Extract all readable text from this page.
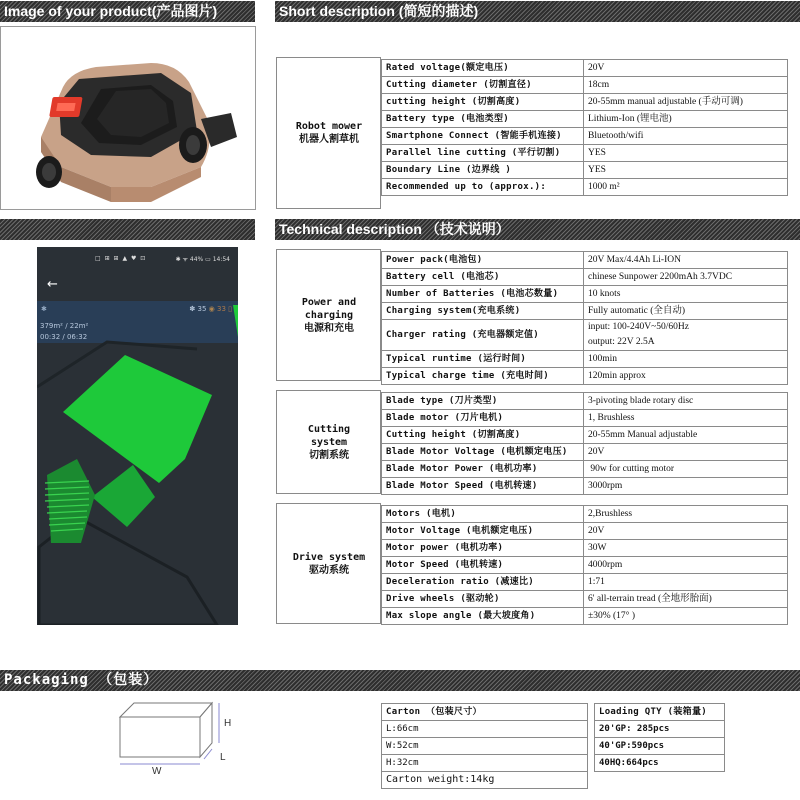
Image of your product(产品图片)	Short description (简短的描述)
Technical description （技术说明）
Packaging （包装）
□ ⊞ ⊞ ▲ ♥ ⊡	✱ ᯤ 44% ▭ 14:54
←
Robot mower
机器人割草机
Rated voltage(额定电压)	20V
Cutting diameter (切割直径)	18cm
cutting height (切割高度)	20-55mm manual adjustable (手动可调)
Battery type (电池类型)	Lithium-Ion (锂电池)
Smartphone Connect (智能手机连接)	Bluetooth/wifi
Parallel line cutting (平行切割)	YES
Boundary Line (边界线 )	YES
Recommended up to (approx.):	1000 m²
Power and
charging
电源和充电
Power pack(电池包)	20V Max/4.4Ah Li-ION
Battery cell (电池芯)	chinese Sunpower 2200mAh 3.7VDC
Number of Batteries (电池芯数量)	10 knots
Charging system(充电系统)	Fully automatic (全自动)
Charger rating (充电器额定值)	input: 100-240V~50/60Hz
output: 22V 2.5A

Typical runtime (运行时间)	100min
Typical charge time (充电时间)	120min approx
Cutting
system
切割系统
Blade type (刀片类型)	3-pivoting blade rotary disc
Blade motor (刀片电机)	1, Brushless
Cutting height (切割高度)	20-55mm Manual adjustable
Blade Motor Voltage (电机额定电压)	20V
Blade Motor Power (电机功率)	90w for cutting motor
Blade Motor Speed (电机转速)	3000rpm
Drive system
驱动系统
Motors (电机)	2,Brushless
Motor Voltage (电机额定电压)	20V
Motor power (电机功率)	30W
Motor Speed (电机转速)	4000rpm
Deceleration ratio (减速比)	1:71
Drive wheels (驱动轮)	6' all-terrain tread (全地形胎面)
Max slope angle (最大坡度角)	±30% (17° )
H
L
W
Carton （包装尺寸）
L:66cm
W:52cm
H:32cm
Carton weight:14kg
Loading QTY (装箱量)
20'GP: 285pcs
40'GP:590pcs
40HQ:664pcs
